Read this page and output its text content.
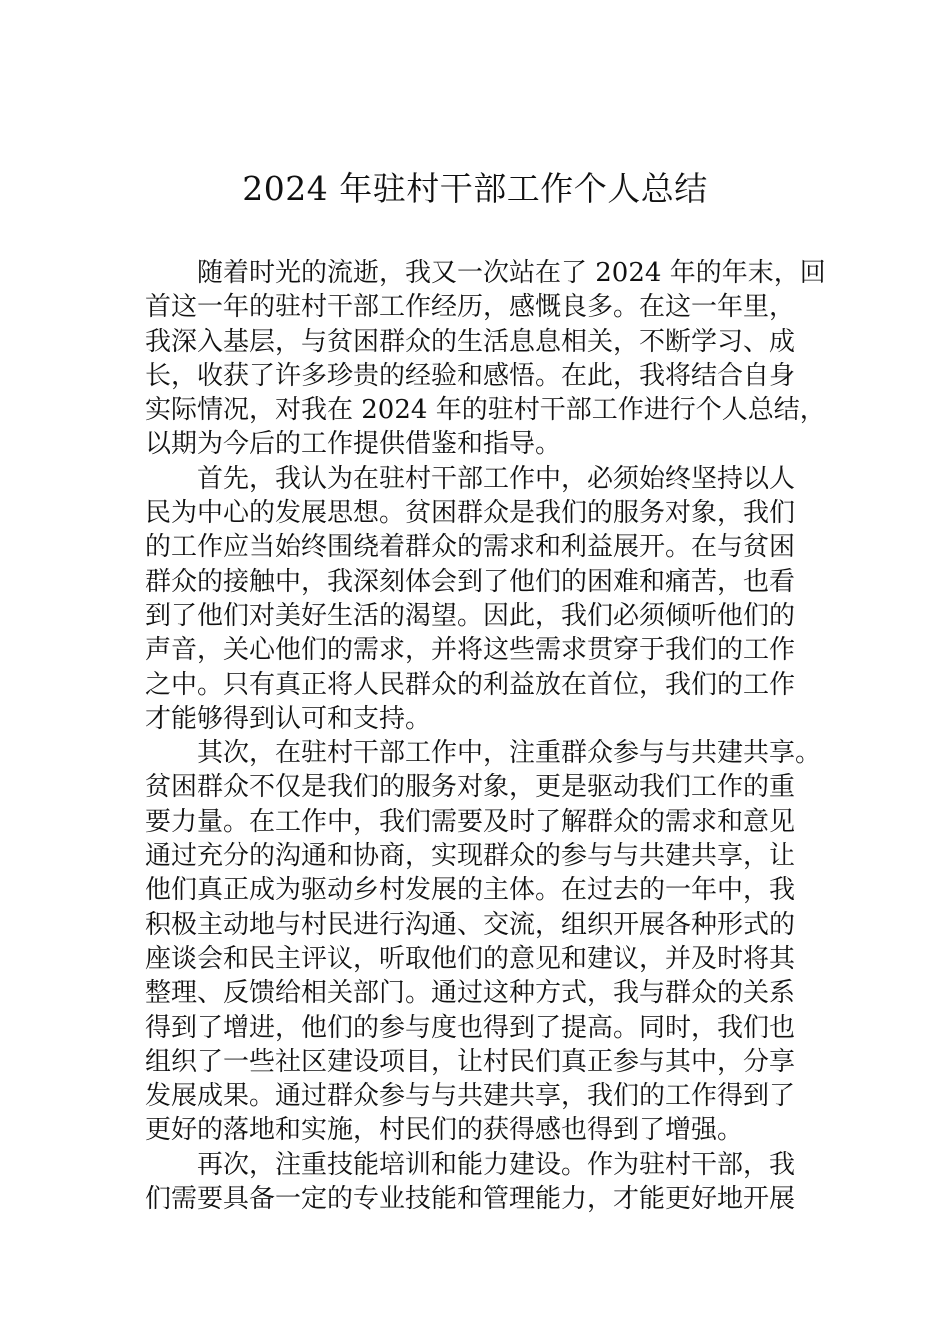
2024 年驻村干部工作个人总结

随着时光的流逝，我又一次站在了 2024 年的年末，回
首这一年的驻村干部工作经历，感慨良多。在这一年里，
我深入基层，与贫困群众的生活息息相关，不断学习、成
长，收获了许多珍贵的经验和感悟。在此，我将结合自身
实际情况，对我在 2024 年的驻村干部工作进行个人总结，
以期为今后的工作提供借鉴和指导。

首先，我认为在驻村干部工作中，必须始终坚持以人
民为中心的发展思想。贫困群众是我们的服务对象，我们
的工作应当始终围绕着群众的需求和利益展开。在与贫困
群众的接触中，我深刻体会到了他们的困难和痛苦，也看
到了他们对美好生活的渴望。因此，我们必须倾听他们的
声音，关心他们的需求，并将这些需求贯穿于我们的工作
之中。只有真正将人民群众的利益放在首位，我们的工作
才能够得到认可和支持。

其次，在驻村干部工作中，注重群众参与与共建共享。
贫困群众不仅是我们的服务对象，更是驱动我们工作的重
要力量。在工作中，我们需要及时了解群众的需求和意见
通过充分的沟通和协商，实现群众的参与与共建共享，让
他们真正成为驱动乡村发展的主体。在过去的一年中，我
积极主动地与村民进行沟通、交流，组织开展各种形式的
座谈会和民主评议，听取他们的意见和建议，并及时将其
整理、反馈给相关部门。通过这种方式，我与群众的关系
得到了增进，他们的参与度也得到了提高。同时，我们也
组织了一些社区建设项目，让村民们真正参与其中，分享
发展成果。通过群众参与与共建共享，我们的工作得到了
更好的落地和实施，村民们的获得感也得到了增强。

再次，注重技能培训和能力建设。作为驻村干部，我
们需要具备一定的专业技能和管理能力，才能更好地开展
